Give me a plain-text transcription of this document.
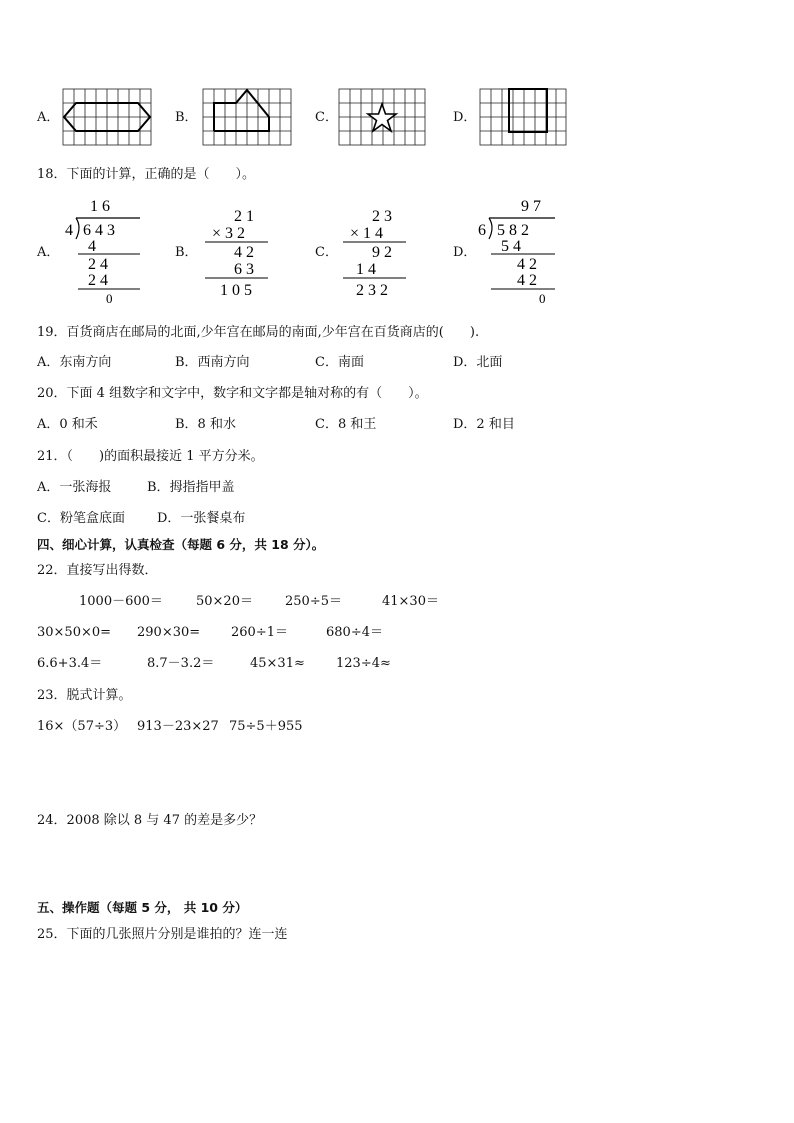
A．	B．	C．	D．
18．下面的计算，正确的是（　　）。
A．
1 6
4 6 4 3
4
2 4
2 4
0
B．
2 1
× 3 2
4 2
6 3
1 0 5
C．
2 3
× 1 4
9 2
1 4
2 3 2
D．
9 7
6 5 8 2
5 4
4 2
4 2
0
19．百货商店在邮局的北面,少年宫在邮局的南面,少年宫在百货商店的(　　).
A．东南方向	B．西南方向	C．南面	D．北面
20．下面 4 组数字和文字中，数字和文字都是轴对称的有（　　）。
A．0 和禾	B．8 和水	C．8 和王	D．2 和目
21．（　　)的面积最接近 1 平方分米。
A．一张海报	B．拇指指甲盖
C．粉笔盒底面 D．一张餐桌布
四、细心计算，认真检查（每题 6 分，共 18 分）。
22．直接写出得数．
1000－600＝	50×20＝ 250÷5＝	41×30＝
30×50×0= 290×30= 260÷1＝	680÷4＝
6.6+3.4＝	8.7－3.2＝	45×31≈ 123÷4≈
23．脱式计算。
16×（57÷3） 913－23×27 75÷5＋955
24．2008 除以 8 与 47 的差是多少？
五、操作题（每题 5 分， 共 10 分）
25．下面的几张照片分别是谁拍的？连一连
